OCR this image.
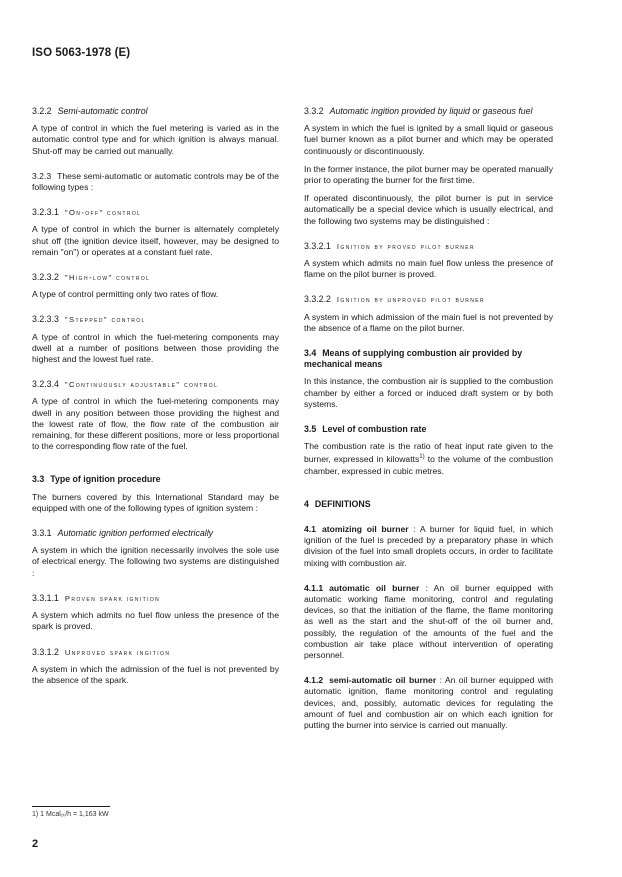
ISO 5063-1978 (E)
3.2.2 Semi-automatic control
A type of control in which the fuel metering is varied as in the automatic control type and for which ignition is always manual. Shut-off may be carried out manually.
3.2.3 These semi-automatic or automatic controls may be of the following types :
3.2.3.1 "On-off" control
A type of control in which the burner is alternately completely shut off (the ignition device itself, however, may be designed to remain "on") or operates at a constant fuel rate.
3.2.3.2 "High-low" control
A type of control permitting only two rates of flow.
3.2.3.3 "Stepped" control
A type of control in which the fuel-metering components may dwell at a number of positions between those providing the highest and the lowest fuel rate.
3.2.3.4 "Continuously adjustable" control
A type of control in which the fuel-metering components may dwell in any position between those providing the highest and the lowest rate of flow, the flow rate of the combustion air remaining, for these different positions, more or less proportional to the corresponding flow rate of the fuel.
3.3 Type of ignition procedure
The burners covered by this International Standard may be equipped with one of the following types of ignition system :
3.3.1 Automatic ignition performed electrically
A system in which the ignition necessarily involves the sole use of electrical energy. The following two systems are distinguished :
3.3.1.1 Proven spark ignition
A system which admits no fuel flow unless the presence of the spark is proved.
3.3.1.2 Unproved spark ingition
A system in which the admission of the fuel is not prevented by the absence of the spark.
3.3.2 Automatic ingition provided by liquid or gaseous fuel
A system in which the fuel is ignited by a small liquid or gaseous fuel burner known as a pilot burner and which may be operated continuously or discontinuously.
In the former instance, the pilot burner may be operated manually prior to operating the burner for the first time.
If operated discontinuously, the pilot burner is put in service automatically be a special device which is usually electrical, and the following two systems may be distinguished :
3.3.2.1 Ignition by proved pilot burner
A system which admits no main fuel flow unless the presence of flame on the pilot burner is proved.
3.3.2.2 Ignition by unproved pilot burner
A system in which admission of the main fuel is not prevented by the absence of a flame on the pilot burner.
3.4 Means of supplying combustion air provided by mechanical means
In this instance, the combustion air is supplied to the combustion chamber by either a forced or induced draft system or by both systems.
3.5 Level of combustion rate
The combustion rate is the ratio of heat input rate given to the burner, expressed in kilowatts$^{1)}$ to the volume of the combustion chamber, expressed in cubic metres.
4 DEFINITIONS
4.1 atomizing oil burner : A burner for liquid fuel, in which ignition of the fuel is preceded by a preparatory phase in which division of the fuel into small droplets occurs, in order to facilitate mixing with combustion air.
4.1.1 automatic oil burner : An oil burner equipped with automatic working flame monitoring, control and regulating devices, so that the initiation of the flame, the flame monitoring as well as the start and the shut-off of the oil burner and, possibly, the regulation of the amounts of the fuel and the combustion air take place without intervention of operating personnel.
4.1.2 semi-automatic oil burner : An oil burner equipped with automatic ignition, flame monitoring control and regulating devices, and, possibly, automatic devices for regulating the amount of fuel and combustion air on which each ignition for putting the burner into service is carried out manually.
1) 1 Mcal₁ₜ/h = 1,163 kW
2
